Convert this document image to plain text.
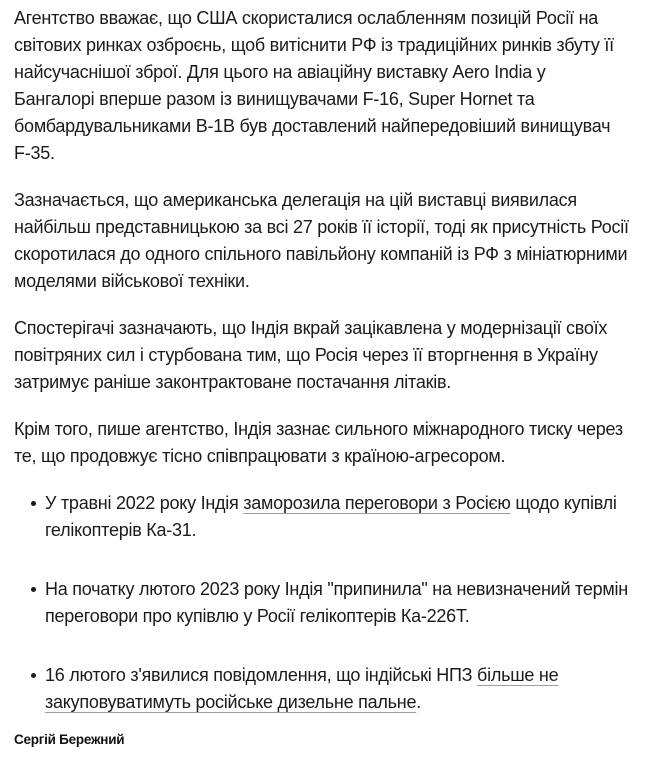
Агентство вважає, що США скористалися ослабленням позицій Росії на світових ринках озброєнь, щоб витіснити РФ із традиційних ринків збуту її найсучаснішої зброї. Для цього на авіаційну виставку Aero India у Бангалорі вперше разом із винищувачами F-16, Super Hornet та бомбардувальниками B-1B був доставлений найпередовіший винищувач F-35.

Зазначається, що американська делегація на цій виставці виявилася найбільш представницькою за всі 27 років її історії, тоді як присутність Росії скоротилася до одного спільного павільйону компаній із РФ з мініатюрними моделями військової техніки.

Спостерігачі зазначають, що Індія вкрай зацікавлена у модернізації своїх повітряних сил і стурбована тим, що Росія через її вторгнення в Україну затримує раніше законтрактоване постачання літаків.

Крім того, пише агентство, Індія зазнає сильного міжнародного тиску через те, що продовжує тісно співпрацювати з країною-агресором.

У травні 2022 року Індія заморозила переговори з Росією щодо купівлі гелікоптерів Ка-31.
На початку лютого 2023 року Індія "припинила" на невизначений термін переговори про купівлю у Росії гелікоптерів Ка-226Т.
16 лютого з'явилися повідомлення, що індійські НПЗ більше не закуповуватимуть російське дизельне пальне.
Сергій Бережний
